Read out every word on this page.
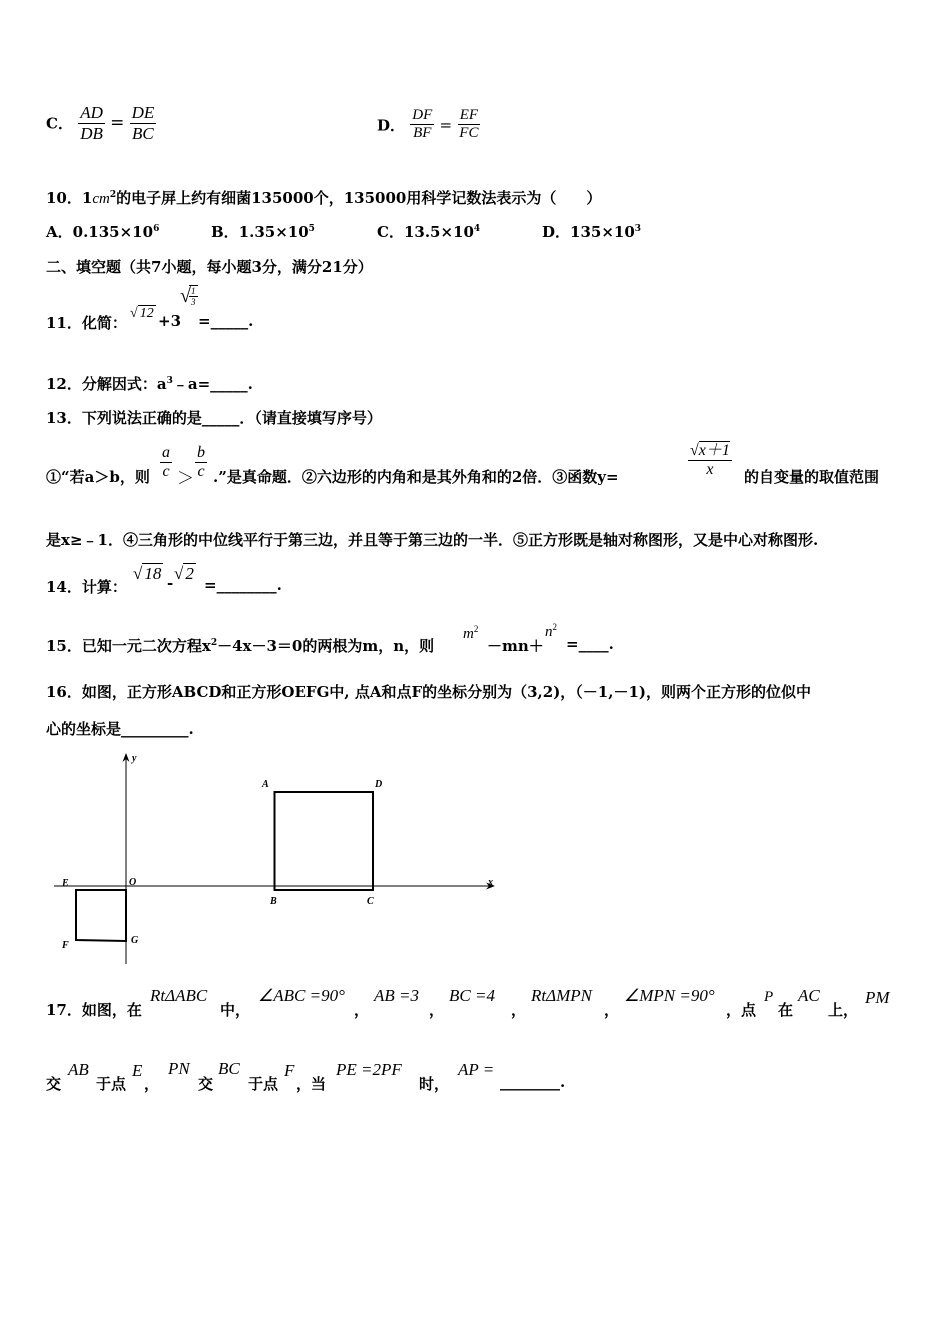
C． $\frac{AD}{DB} = \frac{DE}{BC}$	D． $\frac{DF}{BF} = \frac{EF}{FC}$
10．$1cm^2$的电子屏上约有细菌135000个，135000用科学记数法表示为（　　）
A．$0.135\times 10^6$	B．$1.35\times 10^5$	C．$13.5\times 10^4$	D．$135\times 10^3$
二、填空题（共7小题，每小题3分，满分21分）
11．化简：
√ 12 +3
√
$\frac{1}{3}$
=_____.
12．分解因式：$a^3﹣a=\_\_\_\_\_$.
13．下列说法正确的是_____．（请直接填写序号）
①“若a＞b，则 $\frac{a}{c} > \frac{b}{c}$ .”是真命题．②六边形的内角和是其外角和的2倍．③函数y=	$\frac{√x+1}{x}$ 的自变量的取值范围
是x≥﹣1．④三角形的中位线平行于第三边，并且等于第三边的一半．⑤正方形既是轴对称图形，又是中心对称图形.
14．计算：
√ 18 - √ 2
=________.
15．已知一元二次方程$x^2-4x-3=0$的两根为m，n，则
$m^2$
－mn＋
$n^2$
=____.
16．如图，正方形ABCD和正方形OEFG中, 点A和点F的坐标分别为（3,2)，（－1,－1)，则两个正方形的位似中
心的坐标是_________.
y
x
O
A	D
B	C
E
F	G
17．如图，在
RtΔABC
中，
∠ABC =90°
，
AB =3
，
BC =4
，
RtΔMPN
，
∠MPN =90°
，点
P
在
AC
上，
PM
交
AB
于点
E
，
PN
交
BC
于点
F
，当
PE =2PF
时，
AP =
________.
